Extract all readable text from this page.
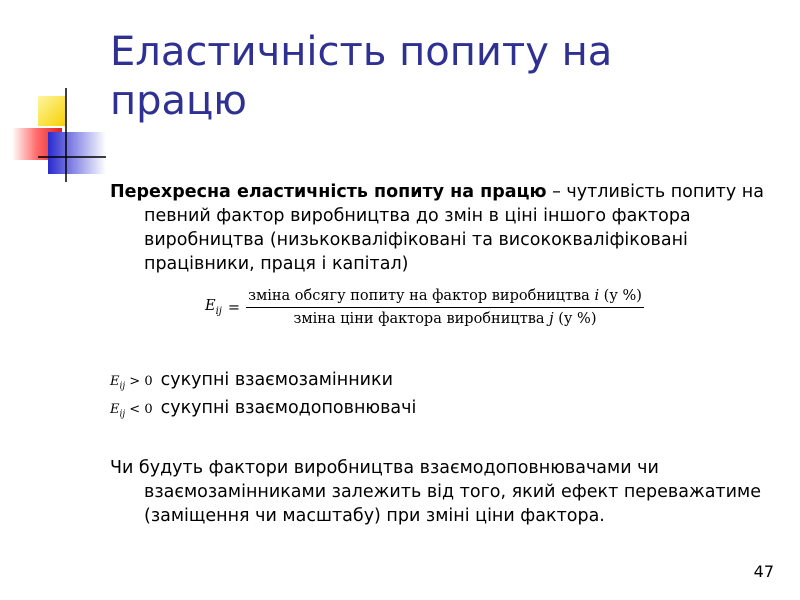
Еластичність попиту на працю
Перехресна еластичність попиту на працю – чутливість попиту на певний фактор виробництва до змін в ціні іншого фактора виробництва (низькокваліфіковані та висококваліфіковані працівники, праця і капітал)
$E_{ij} = \frac{\text{зміна обсягу попиту на фактор виробництва i (у \%)}}{\text{зміна ціни фактора виробництва j (у \%)}}$
$E_{ij} > 0$ сукупні взаємозамінники
$E_{ij} < 0$ сукупні взаємодоповнювачі
Чи будуть фактори виробництва взаємодоповнювачами чи взаємозамінниками залежить від того, який ефект переважатиме (заміщення чи масштабу) при зміні ціни фактора.
47
